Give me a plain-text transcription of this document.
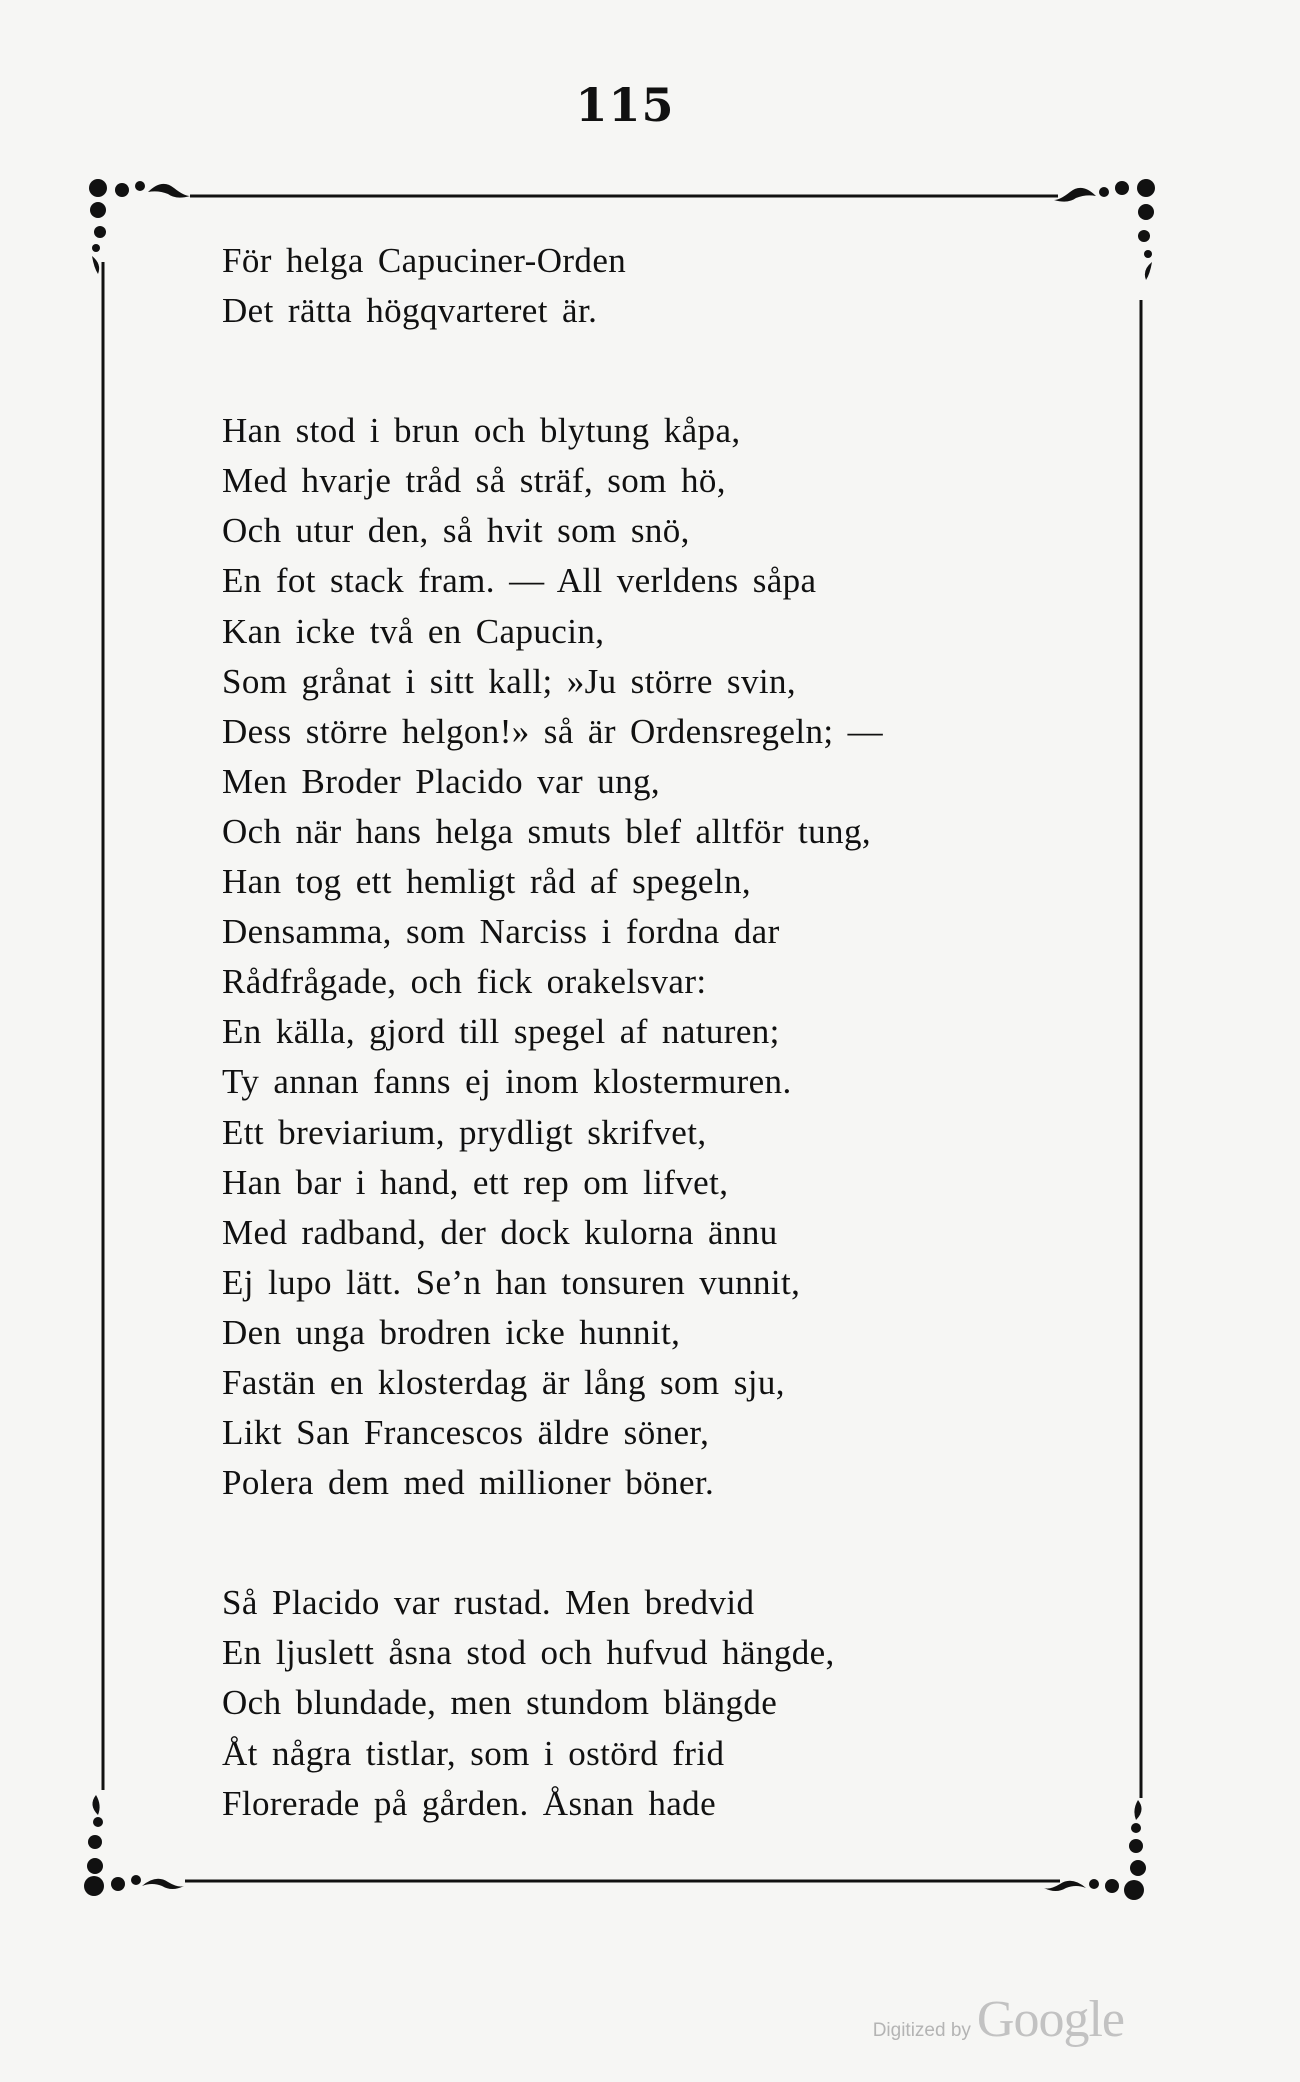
115
För helga Capuciner-Orden
Det rätta högqvarteret är.
Han stod i brun och blytung kåpa,
Med hvarje tråd så sträf, som hö,
Och utur den, så hvit som snö,
En fot stack fram. — All verldens såpa
Kan icke två en Capucin,
Som grånat i sitt kall; »Ju större svin,
Dess större helgon!» så är Ordensregeln; —
Men Broder Placido var ung,
Och när hans helga smuts blef alltför tung,
Han tog ett hemligt råd af spegeln,
Densamma, som Narciss i fordna dar
Rådfrågade, och fick orakelsvar:
En källa, gjord till spegel af naturen;
Ty annan fanns ej inom klostermuren.
Ett breviarium, prydligt skrifvet,
Han bar i hand, ett rep om lifvet,
Med radband, der dock kulorna ännu
Ej lupo lätt. Se’n han tonsuren vunnit,
Den unga brodren icke hunnit,
Fastän en klosterdag är lång som sju,
Likt San Francescos äldre söner,
Polera dem med millioner böner.
Så Placido var rustad. Men bredvid
En ljuslett åsna stod och hufvud hängde,
Och blundade, men stundom blängde
Åt några tistlar, som i ostörd frid
Florerade på gården. Åsnan hade
Digitized by Google
